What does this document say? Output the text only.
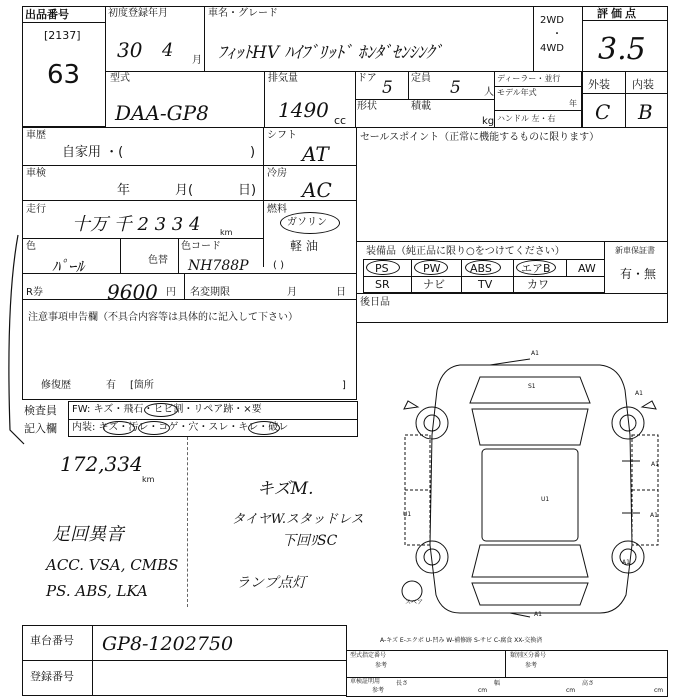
出品番号
[2137]
63
初度登録年月
30 4 月
車名・グレード
ﾌｨｯﾄHV ﾊｲﾌﾞﾘｯﾄﾞ ﾎﾝﾀﾞｾﾝｼﾝｸﾞ
2WD
・
4WD
評価点
3.5
型式
DAA-GP8
排気量
1490 cc
ドア 5 定員 5 人
形状	積載
kg
ディーラー・並行
モデル年式
年
ハンドル 左・右
外装 内装
C B
車歴
自家用 ・(	)
シフト
AT
車検
年	月(	日)
冷房
AC
走行
十万 千 2 3 3 4 km
燃料
ガソリン
軽 油
( )
色
ﾊﾟｰﾙ	色替
色コード
NH788P
R券	9600 円 名変期限	月	日
注意事項申告欄（不具合内容等は具体的に記入して下さい）
修復歴	有 [箇所	]
セールスポイント（正常に機能するものに限ります）
装備品（純正品に限り○をつけてください）	新車保証書
有・無
PS	PW	ABS	エアB AW
SR	ナビ	TV	カワ
後日品
検査員
記入欄
FW: キズ・飛石・ヒビ割・リペア跡・×要
内装: キズ・汚レ・コゲ・穴・スレ・キレ・破レ
172,334
km	キズM.
タイヤW.スタッドレス
下回ﾘSC
足回異音
ACC. VSA, CMBS
PS. ABS, LKA	ランプ点灯
A1
S1
A1
A1
A1
U1
U1
A1
A1
スペア
A-キズ E-エクボ U-凹み W-補修跡 S-サビ C-腐食 XX-交換済
車台番号 GP8-1202750
登録番号
型式指定番号
参考
類別区分番号
参考
車検証明用
参考
長さ
cm
幅
cm
高さ
cm
